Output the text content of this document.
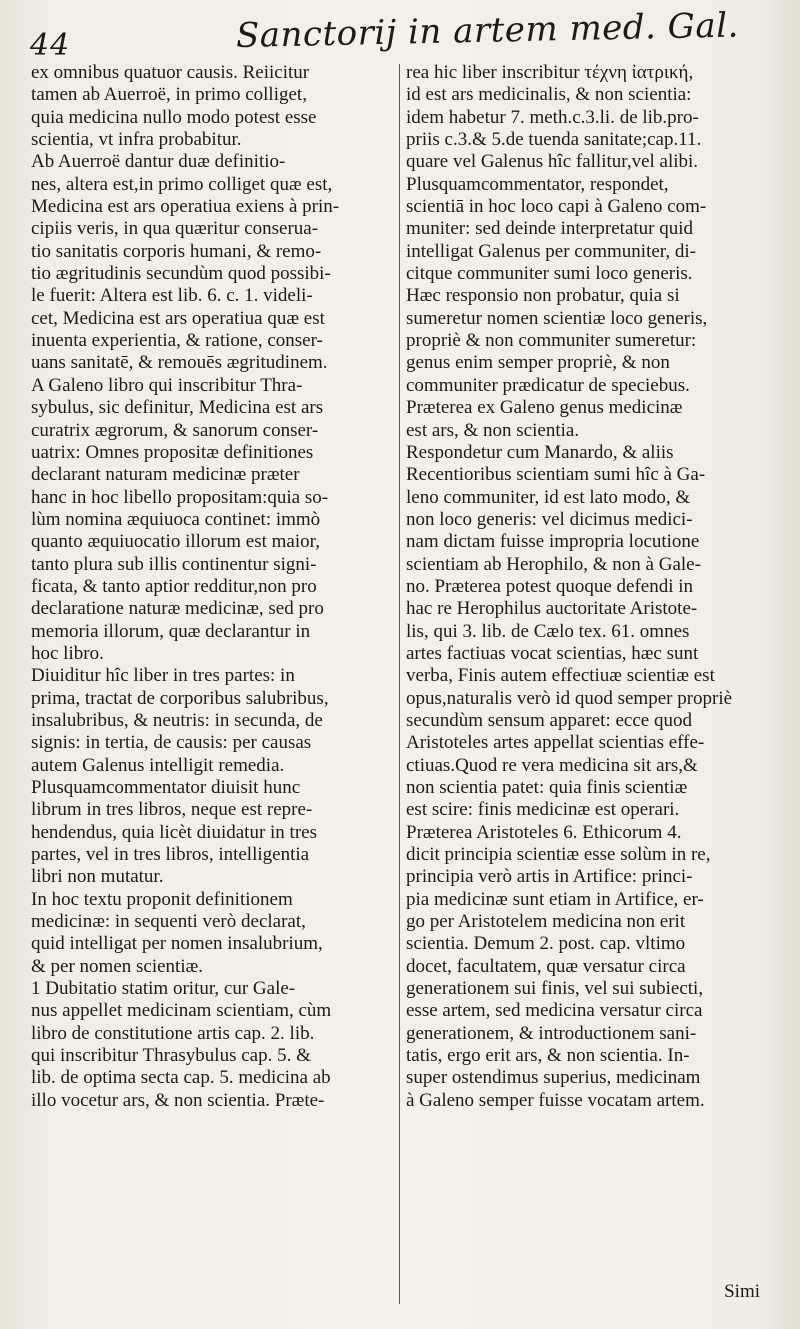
44	Sanctorij in artem med. Gal.
ex omnibus quatuor causis. Reiicitur
tamen ab Auerroë, in primo colliget,
quia medicina nullo modo potest esse
scientia, vt infra probabitur.
Ab Auerroë dantur duæ definitio-
nes, altera est,in primo colliget quæ est,
Medicina est ars operatiua exiens à prin-
cipiis veris, in qua quæritur conserua-
tio sanitatis corporis humani, & remo-
tio ægritudinis secundùm quod possibi-
le fuerit: Altera est lib. 6. c. 1. videli-
cet, Medicina est ars operatiua quæ est
inuenta experientia, & ratione, conser-
uans sanitatē, & remouēs ægritudinem.
A Galeno libro qui inscribitur Thra-
sybulus, sic definitur, Medicina est ars
curatrix ægrorum, & sanorum conser-
uatrix: Omnes propositæ definitiones
declarant naturam medicinæ præter
hanc in hoc libello propositam:quia so-
lùm nomina æquiuoca continet: immò
quanto æquiuocatio illorum est maior,
tanto plura sub illis continentur signi-
ficata, & tanto aptior redditur,non pro
declaratione naturæ medicinæ, sed pro
memoria illorum, quæ declarantur in
hoc libro.
Diuiditur hîc liber in tres partes: in
prima, tractat de corporibus salubribus,
insalubribus, & neutris: in secunda, de
signis: in tertia, de causis: per causas
autem Galenus intelligit remedia.
Plusquamcommentator diuisit hunc
librum in tres libros, neque est repre-
hendendus, quia licèt diuidatur in tres
partes, vel in tres libros, intelligentia
libri non mutatur.
In hoc textu proponit definitionem
medicinæ: in sequenti verò declarat,
quid intelligat per nomen insalubrium,
& per nomen scientiæ.
1 Dubitatio statim oritur, cur Gale-
nus appellet medicinam scientiam, cùm
libro de constitutione artis cap. 2. lib.
qui inscribitur Thrasybulus cap. 5. &
lib. de optima secta cap. 5. medicina ab
illo vocetur ars, & non scientia. Præte-
rea hic liber inscribitur τέχνη ἰατρική,
id est ars medicinalis, & non scientia:
idem habetur 7. meth.c.3.li. de lib.pro-
priis c.3.& 5.de tuenda sanitate;cap.11.
quare vel Galenus hîc fallitur,vel alibi.
Plusquamcommentator, respondet,
scientiā in hoc loco capi à Galeno com-
muniter: sed deinde interpretatur quid
intelligat Galenus per communiter, di-
citque communiter sumi loco generis.
Hæc responsio non probatur, quia si
sumeretur nomen scientiæ loco generis,
propriè & non communiter sumeretur:
genus enim semper propriè, & non
communiter prædicatur de speciebus.
Præterea ex Galeno genus medicinæ
est ars, & non scientia.
Respondetur cum Manardo, & aliis
Recentioribus scientiam sumi hîc à Ga-
leno communiter, id est lato modo, &
non loco generis: vel dicimus medici-
nam dictam fuisse impropria locutione
scientiam ab Herophilo, & non à Gale-
no. Præterea potest quoque defendi in
hac re Herophilus auctoritate Aristote-
lis, qui 3. lib. de Cælo tex. 61. omnes
artes factiuas vocat scientias, hæc sunt
verba, Finis autem effectiuæ scientiæ est
opus,naturalis verò id quod semper propriè
secundùm sensum apparet: ecce quod
Aristoteles artes appellat scientias effe-
ctiuas.Quod re vera medicina sit ars,&
non scientia patet: quia finis scientiæ
est scire: finis medicinæ est operari.
Præterea Aristoteles 6. Ethicorum 4.
dicit principia scientiæ esse solùm in re,
principia verò artis in Artifice: princi-
pia medicinæ sunt etiam in Artifice, er-
go per Aristotelem medicina non erit
scientia. Demum 2. post. cap. vltimo
docet, facultatem, quæ versatur circa
generationem sui finis, vel sui subiecti,
esse artem, sed medicina versatur circa
generationem, & introductionem sani-
tatis, ergo erit ars, & non scientia. In-
super ostendimus superius, medicinam
à Galeno semper fuisse vocatam artem.
Simi
